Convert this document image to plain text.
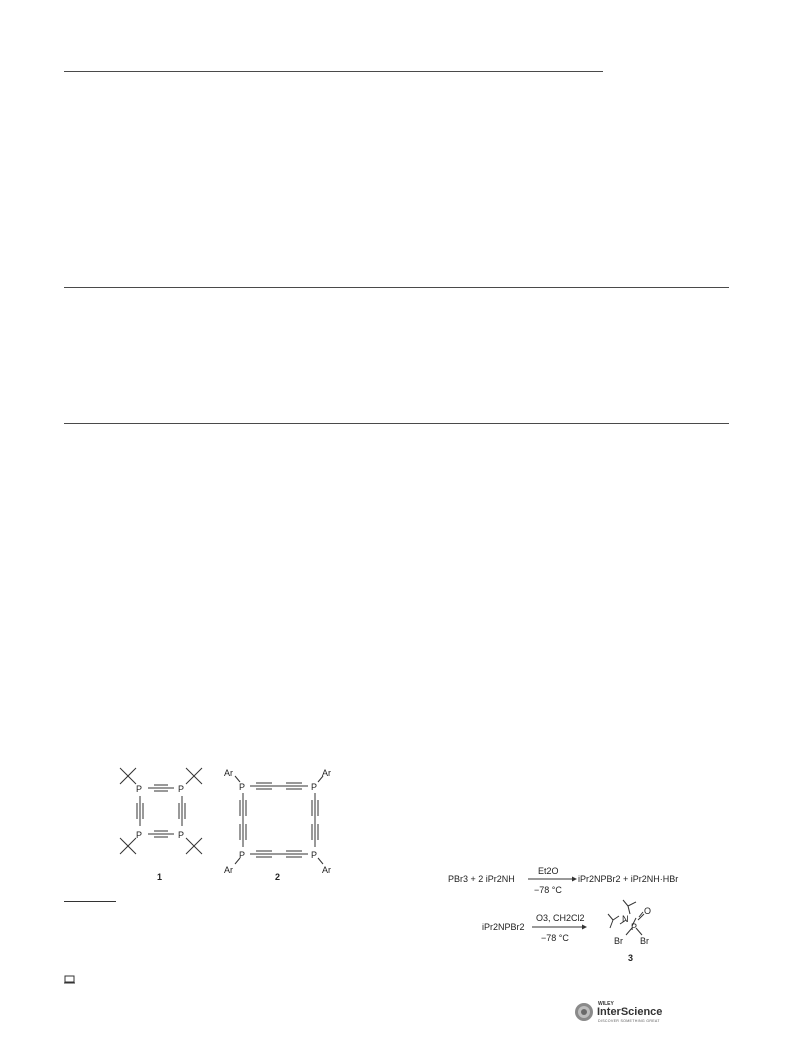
P	P
P	P
P	P
P	P
Ar	Ar
Ar	Ar
1	2	PBr3 + 2 iPr2NH
Et2O
−78 °C
iPr2NPBr2 + iPr2NH·HBr
iPr2NPBr2
O3, CH2Cl2
−78 °C
N
P
O
Br Br
3
WILEY
InterScience
DISCOVER SOMETHING GREAT
